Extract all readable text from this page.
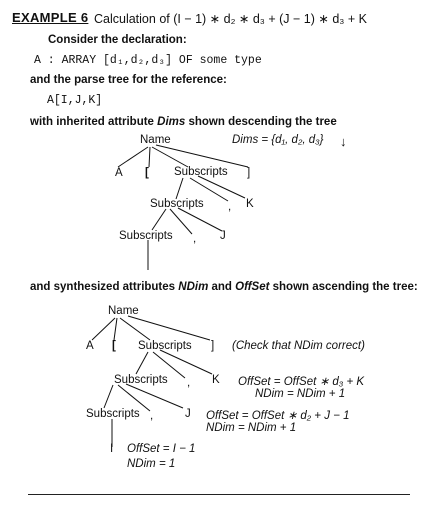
EXAMPLE 6 Calculation of (I − 1) ∗ d₂ ∗ d₃ + (J − 1) ∗ d₃ + K
Consider the declaration:
A : ARRAY [d₁,d₂,d₃] OF some type
and the parse tree for the reference:
A[I,J,K]
with inherited attribute Dims shown descending the tree
Name	Dims = {d₁, d₂, d₃} ↓
A [ Subscripts ]
Subscripts , K
Subscripts , J
and synthesized attributes NDim and OffSet shown ascending the tree:
Name
A [ Subscripts ] (Check that NDim correct)
Subscripts , K OffSet = OffSet ∗ d₃ + K
NDim = NDim + 1
Subscripts ,	J OffSet = OffSet ∗ d₂ + J − 1
NDim = NDim + 1
I OffSet = I − 1
NDim = 1
